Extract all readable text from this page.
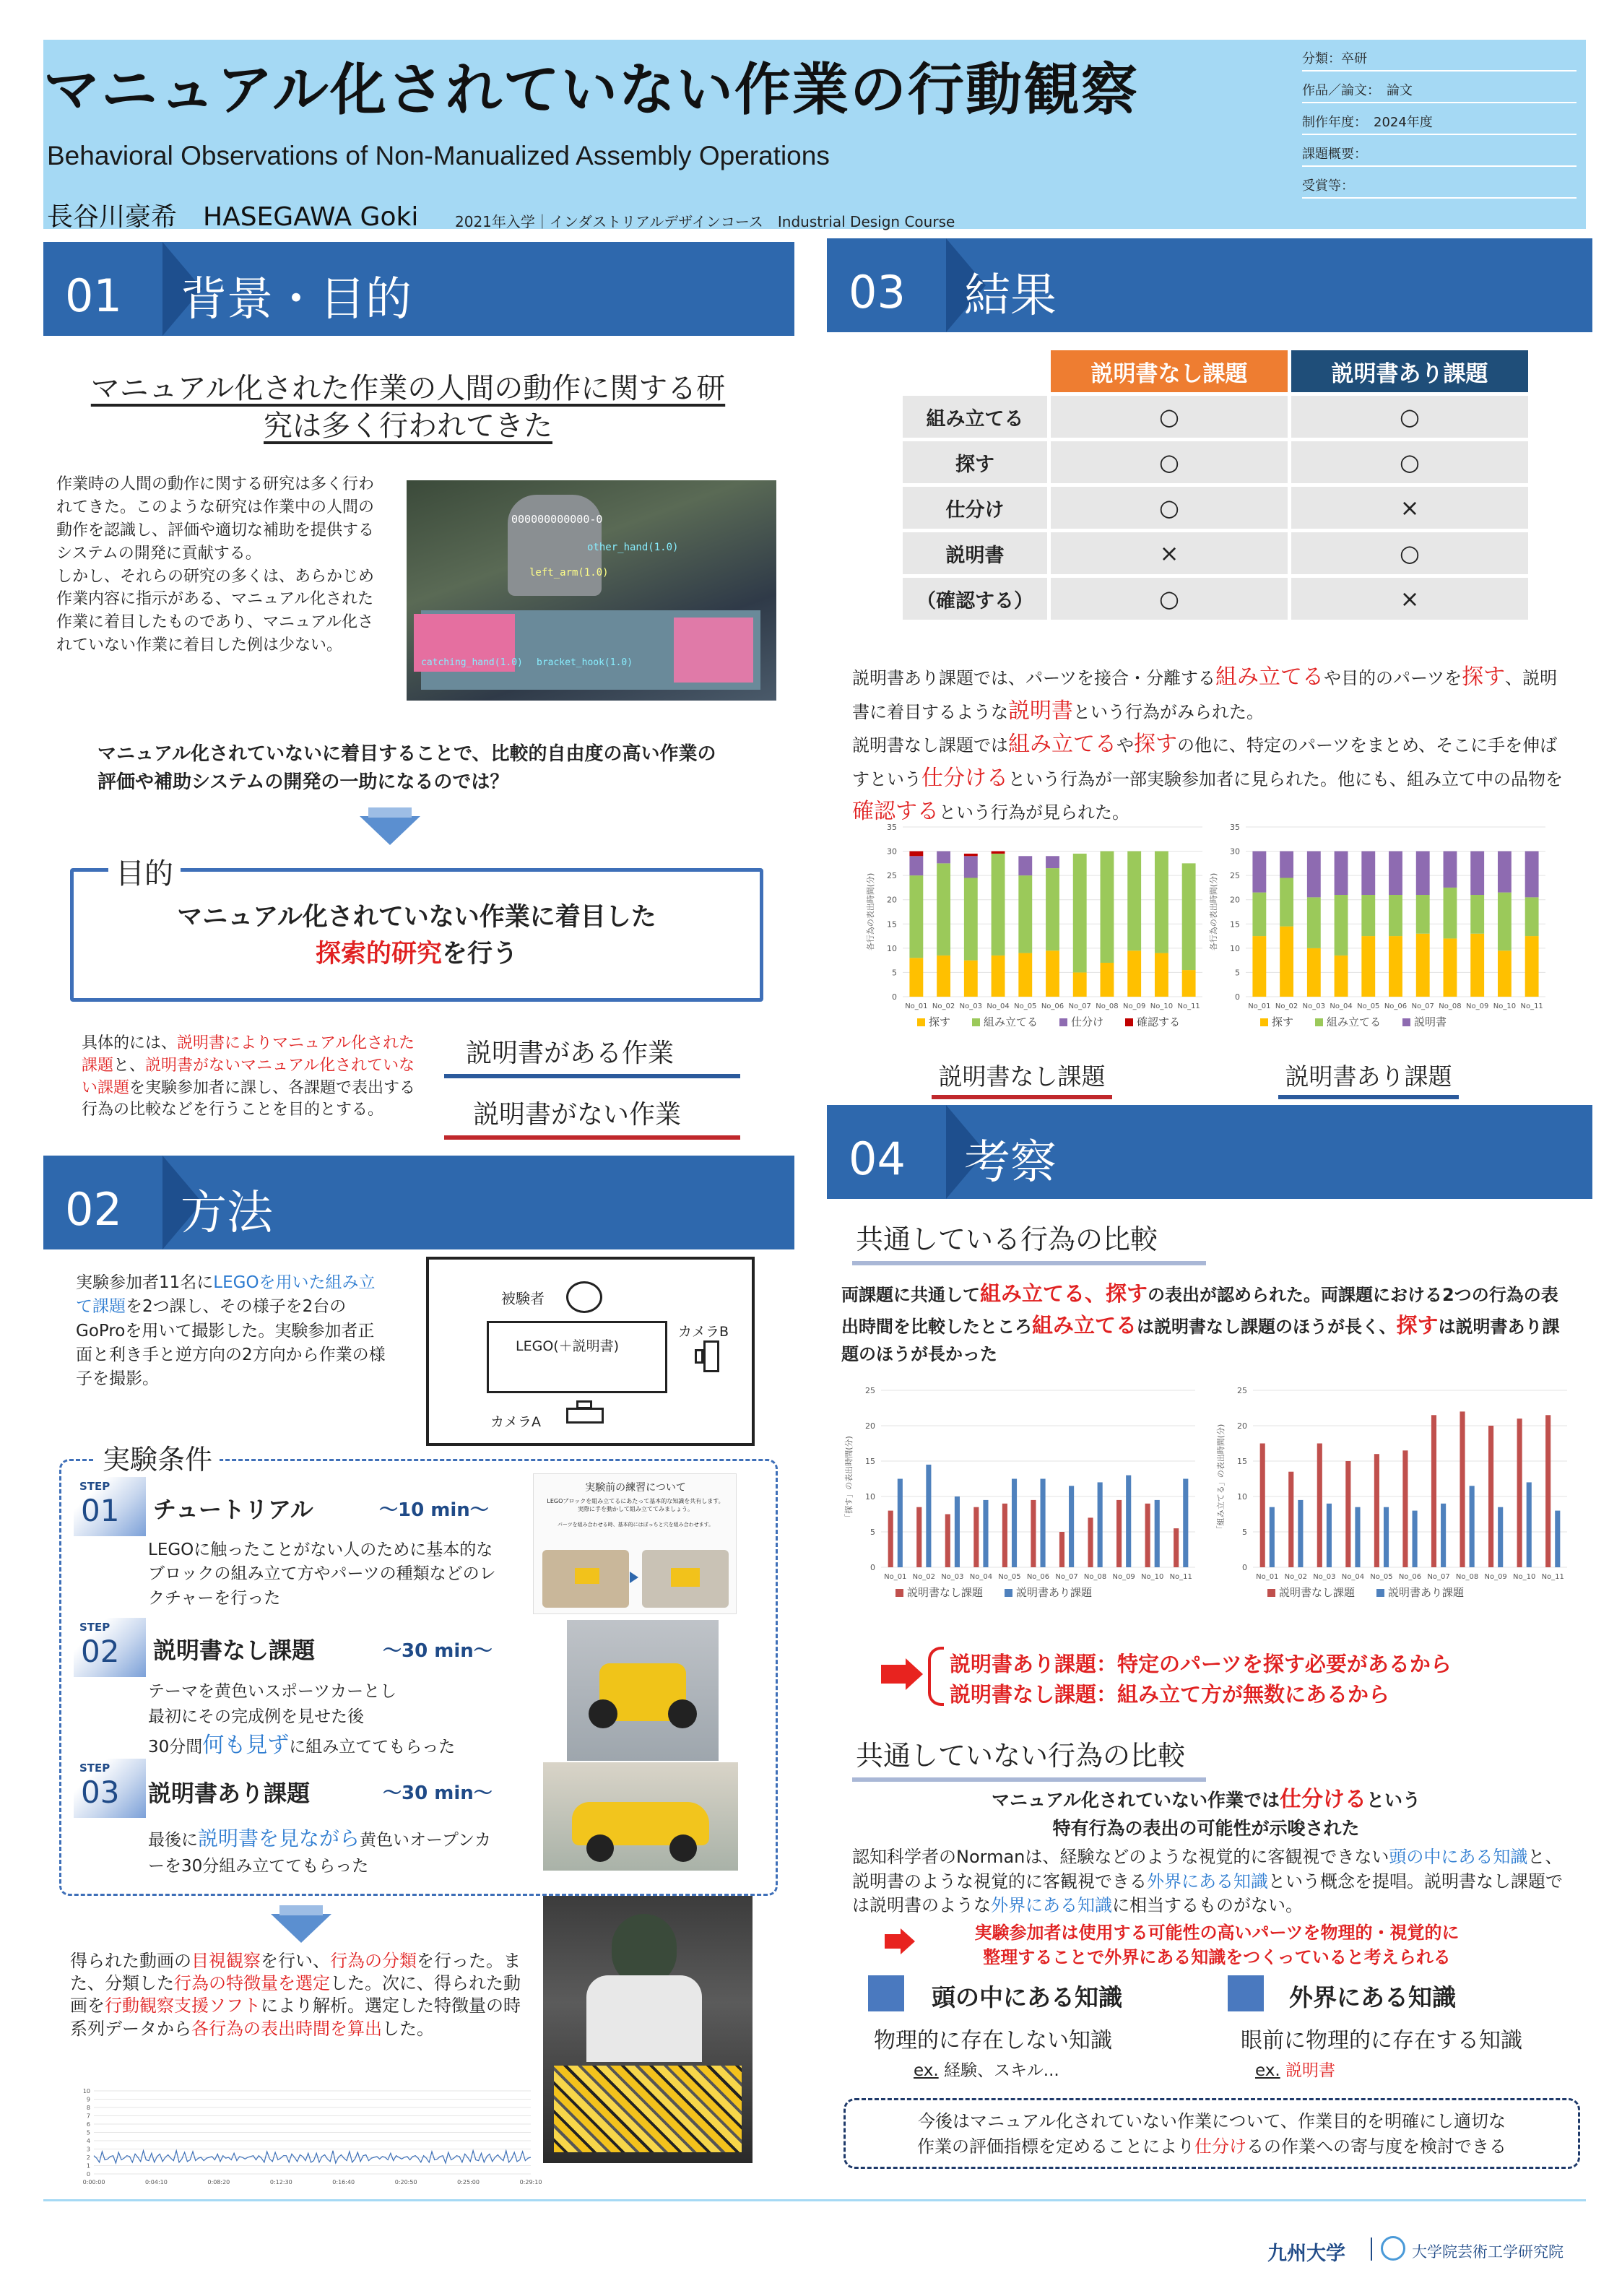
マニュアル化されていない作業の行動観察
Behavioral Observations of Non-Manualized Assembly Operations
長谷川豪希　HASEGAWA Goki	2021年入学｜インダストリアルデザインコース　Industrial Design Course
分類：卒研
作品／論文：　論文
制作年度：　2024年度
課題概要：
受賞等：
01	背景・目的
マニュアル化された作業の人間の動作に関する研究は多く行われてきた
作業時の人間の動作に関する研究は多く行われてきた。このような研究は作業中の人間の動作を認識し、評価や適切な補助を提供するシステムの開発に貢献する。
しかし、それらの研究の多くは、あらかじめ作業内容に指示がある、マニュアル化された作業に着目したものであり、マニュアル化されていない作業に着目した例は少ない。
000000000000-0
other_hand(1.0)
left_arm(1.0)
catching_hand(1.0) bracket_hook(1.0)
マニュアル化されていないに着目することで、比較的自由度の高い作業の評価や補助システムの開発の一助になるのでは？
目的
マニュアル化されていない作業に着目した
探索的研究を行う
具体的には、説明書によりマニュアル化された課題と、説明書がないマニュアル化されていない課題を実験参加者に課し、各課題で表出する行為の比較などを行うことを目的とする。
説明書がある作業
説明書がない作業
02	方法
実験参加者11名にLEGOを用いた組み立て課題を2つ課し、その様子を2台のGoProを用いて撮影した。実験参加者正面と利き手と逆方向の2方向から作業の様子を撮影。
被験者
LEGO(＋説明書)
カメラB
カメラA
実験条件
STEP
01 チュートリアル	〜10 min〜
LEGOに触ったことがない人のために基本的なブロックの組み立て方やパーツの種類などのレクチャーを行った
STEP
02 説明書なし課題	〜30 min〜
テーマを黄色いスポーツカーとし
最初にその完成例を見せた後
30分間何も見ずに組み立ててもらった
STEP
03 説明書あり課題	〜30 min〜
最後に説明書を見ながら黄色いオープンカーを30分組み立ててもらった
実験前の練習について
LEGOブロックを組み立てるにあたって基本的な知識を共有します。
実際に手を動かして組み立ててみましょう。
パーツを組み合わせる時、基本的にはぼっちと穴を組み合わせます。
得られた動画の目視観察を行い、行為の分類を行った。また、分類した行為の特徴量を選定した。次に、得られた動画を行動観察支援ソフトにより解析。選定した特徴量の時系列データから各行為の表出時間を算出した。
10
9
8
7
6
5
4
3
2
1
0
0:00:00	0:04:10	0:08:20	0:12:30	0:16:40	0:20:50	0:25:00	0:29:10
03	結果
	説明書なし課題	説明書あり課題
組み立てる	○	○
探す	○	○
仕分け	○	×
説明書	×	○
（確認する）	○	×
説明書あり課題では、パーツを接合・分離する組み立てるや目的のパーツを探す、説明書に着目するような説明書という行為がみられた。
説明書なし課題では組み立てるや探すの他に、特定のパーツをまとめ、そこに手を伸ばすという仕分けるという行為が一部実験参加者に見られた。他にも、組み立て中の品物を確認するという行為が見られた。
0
5
10
15
20
25
30
35
各行為の表出時間(分)
No_01 No_02 No_03 No_04 No_05 No_06 No_07 No_08 No_09 No_10 No_11
探す	組み立てる	仕分け	確認する
0
5
10
15
20
25
30
35
各行為の表出時間(分)
No_01 No_02 No_03 No_04 No_05 No_06 No_07 No_08 No_09 No_10 No_11
探す	組み立てる	説明書
説明書なし課題	説明書あり課題
04	考察
共通している行為の比較
両課題に共通して組み立てる、探すの表出が認められた。両課題における2つの行為の表出時間を比較したところ組み立てるは説明書なし課題のほうが長く、探すは説明書あり課題のほうが長かった
0
5
10
15
20
25
「探す」の表出時間(分)
No_01 No_02 No_03 No_04 No_05 No_06 No_07 No_08 No_09 No_10 No_11
説明書なし課題	説明書あり課題
0
5
10
15
20
25
「組み立てる」の表出時間(分)
No_01 No_02 No_03 No_04 No_05 No_06 No_07 No_08 No_09 No_10 No_11
説明書なし課題	説明書あり課題
説明書あり課題：特定のパーツを探す必要があるから
説明書なし課題：組み立て方が無数にあるから
共通していない行為の比較
マニュアル化されていない作業では仕分けるという
特有行為の表出の可能性が示唆された
認知科学者のNormanは、経験などのような視覚的に客観視できない頭の中にある知識と、説明書のような視覚的に客観視できる外界にある知識という概念を提唱。説明書なし課題では説明書のような外界にある知識に相当するものがない。
実験参加者は使用する可能性の高いパーツを物理的・視覚的に
整理することで外界にある知識をつくっていると考えられる
頭の中にある知識
物理的に存在しない知識
ex. 経験、スキル...
外界にある知識
眼前に物理的に存在する知識
ex. 説明書
今後はマニュアル化されていない作業について、作業目的を明確にし適切な
作業の評価指標を定めることにより仕分けるの作業への寄与度を検討できる
九州大学	大学院芸術工学研究院
